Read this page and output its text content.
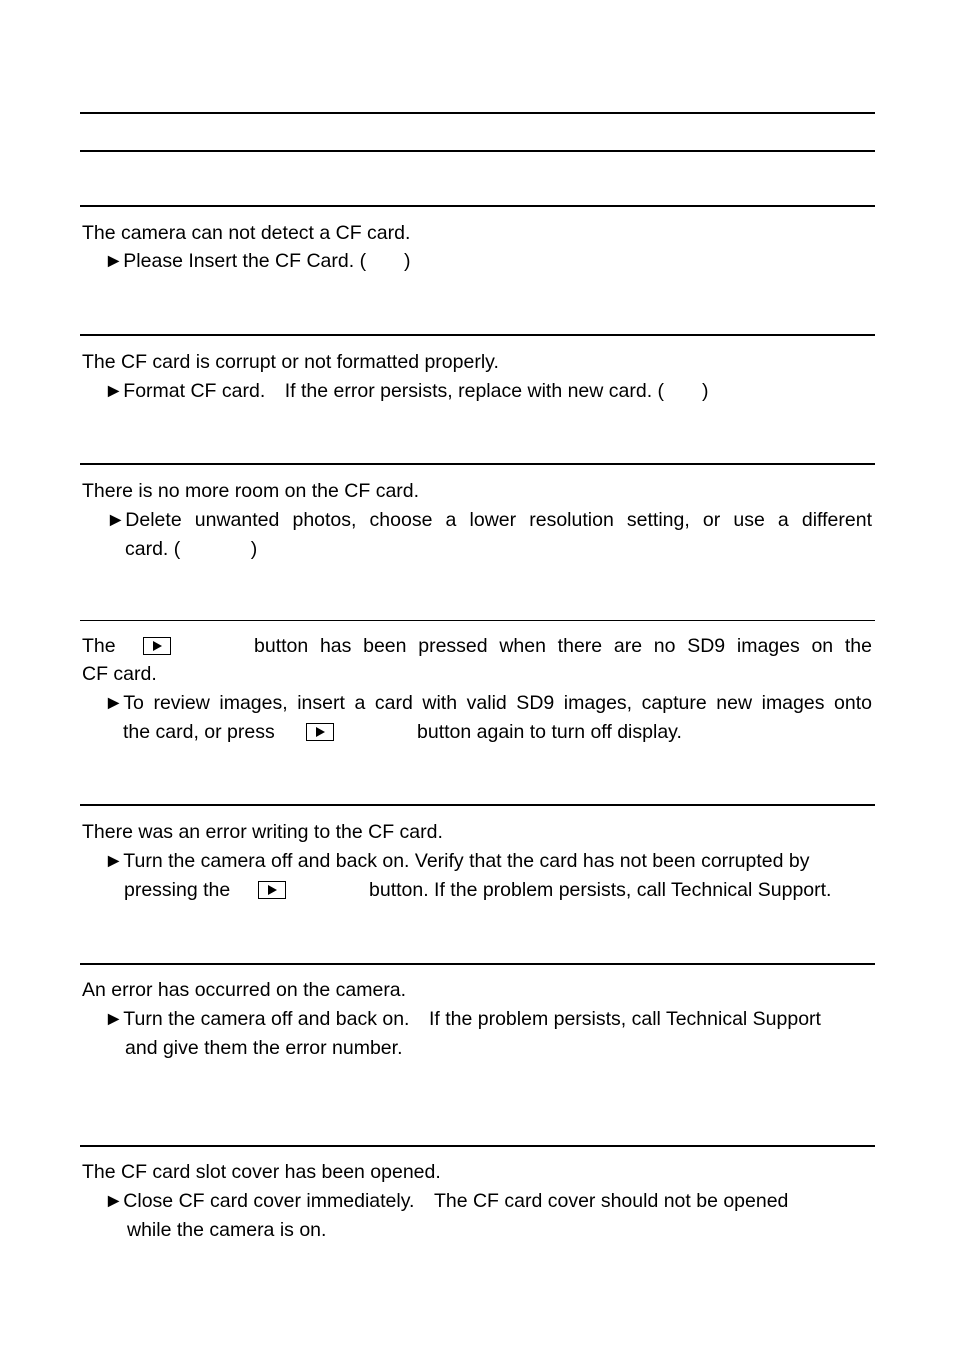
The camera can not detect a CF card.
►Please Insert the CF Card. (       )
The CF card is corrupt or not formatted properly.
►Format CF card.　If the error persists, replace with new card. (       )
There is no more room on the CF card.
►Delete unwanted photos, choose a lower resolution setting, or use a different
card. (             )
The	button has been pressed when there are no SD9 images on the
CF card.
►To review images, insert a card with valid SD9 images, capture new images onto
the card, or press	button again to turn off display.
There was an error writing to the CF card.
►Turn the camera off and back on. Verify that the card has not been corrupted by
pressing the	button. If the problem persists, call Technical Support.
An error has occurred on the camera.
►Turn the camera off and back on.　If the problem persists, call Technical Support
and give them the error number.
The CF card slot cover has been opened.
►Close CF card cover immediately.　The CF card cover should not be opened
while the camera is on.
